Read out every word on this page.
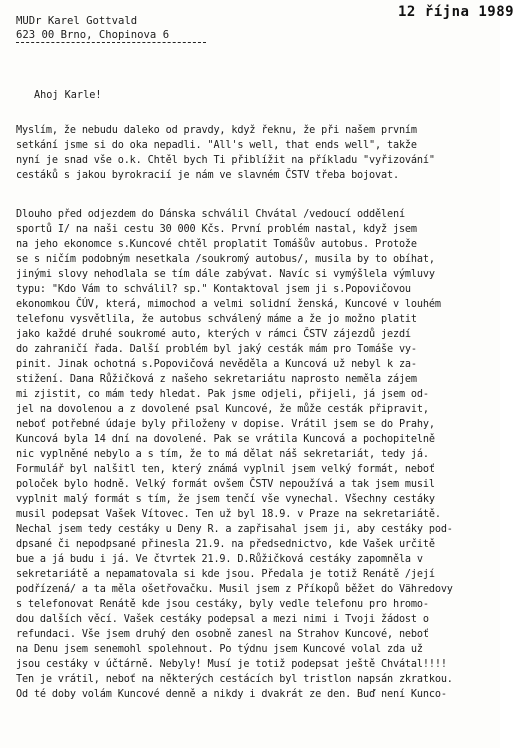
MUDr Karel Gottvald
623 00 Brno, Chopinova 6
12 října 1989
Ahoj Karle!
Myslím, že nebudu daleko od pravdy, když řeknu, že při našem prvním
setkání jsme si do oka nepadli. "All's well, that ends well", takže
nyní je snad vše o.k. Chtěl bych Ti přiblížit na příkladu "vyřizování"
cestáků s jakou byrokracií je nám ve slavném ČSTV třeba bojovat.
Dlouho před odjezdem do Dánska schválil Chvátal /vedoucí oddělení
sportů I/ na naši cestu 30 000 Kčs. První problém nastal, když jsem
na jeho ekonomce s.Kuncové chtěl proplatit Tomášův autobus. Protože
se s ničím podobným nesetkala /soukromý autobus/, musila by to obíhat,
jinými slovy nehodlala se tím dále zabývat. Navíc si vymýšlela výmluvy
typu: "Kdo Vám to schválil? sp." Kontaktoval jsem ji s.Popovičovou
ekonomkou ČÚV, která, mimochod a velmi solidní ženská, Kuncové v louhém
telefonu vysvětlila, že autobus schválený máme a že jo možno platit
jako každé druhé soukromé auto, kterých v rámci ČSTV zájezdů jezdí
do zahraničí řada. Další problém byl jaký cesták mám pro Tomáše vy-
pinit. Jinak ochotná s.Popovičová nevěděla a Kuncová už nebyl k za-
stižení. Dana Růžičková z našeho sekretariátu naprosto neměla zájem
mi zjistit, co mám tedy hledat. Pak jsme odjeli, přijeli, já jsem od-
jel na dovolenou a z dovolené psal Kuncové, že může cesták připravit,
neboť potřebné údaje byly přiloženy v dopise. Vrátil jsem se do Prahy,
Kuncová byla 14 dní na dovolené. Pak se vrátila Kuncová a pochopitelně
nic vyplněné nebylo a s tím, že to má dělat náš sekretariát, tedy já.
Formulář byl nalšitl ten, který známá vyplnil jsem velký formát, neboť
poloček bylo hodně. Velký formát ovšem ČSTV nepoužívá a tak jsem musil
vyplnit malý formát s tím, že jsem tenčí vše vynechal. Všechny cestáky
musil podepsat Vašek Vítovec. Ten už byl 18.9. v Praze na sekretariátě.
Nechal jsem tedy cestáky u Deny R. a zapřisahal jsem ji, aby cestáky pod-
dpsané či nepodpsané přinesla 21.9. na předsednictvo, kde Vašek určitě
bue a já budu i já. Ve čtvrtek 21.9. D.Růžičková cestáky zapomněla v
sekretariátě a nepamatovala si kde jsou. Předala je totiž Renátě /její
podřízená/ a ta měla ošetřovačku. Musil jsem z Příkopů běžet do Vähredovy
s telefonovat Renátě kde jsou cestáky, byly vedle telefonu pro hromo-
dou dalších věcí. Vašek cestáky podepsal a mezi nimi i Tvoji žádost o
refundaci. Vše jsem druhý den osobně zanesl na Strahov Kuncové, neboť
na Denu jsem senemohl spolehnout. Po týdnu jsem Kuncové volal zda už
jsou cestáky v účtárně. Nebyly! Musí je totiž podepsat ještě Chvátal!!!!
Ten je vrátil, neboť na některých cestácích byl tristlon napsán zkratkou.
Od té doby volám Kuncové denně a nikdy i dvakrát ze den. Buď není Kunco-
